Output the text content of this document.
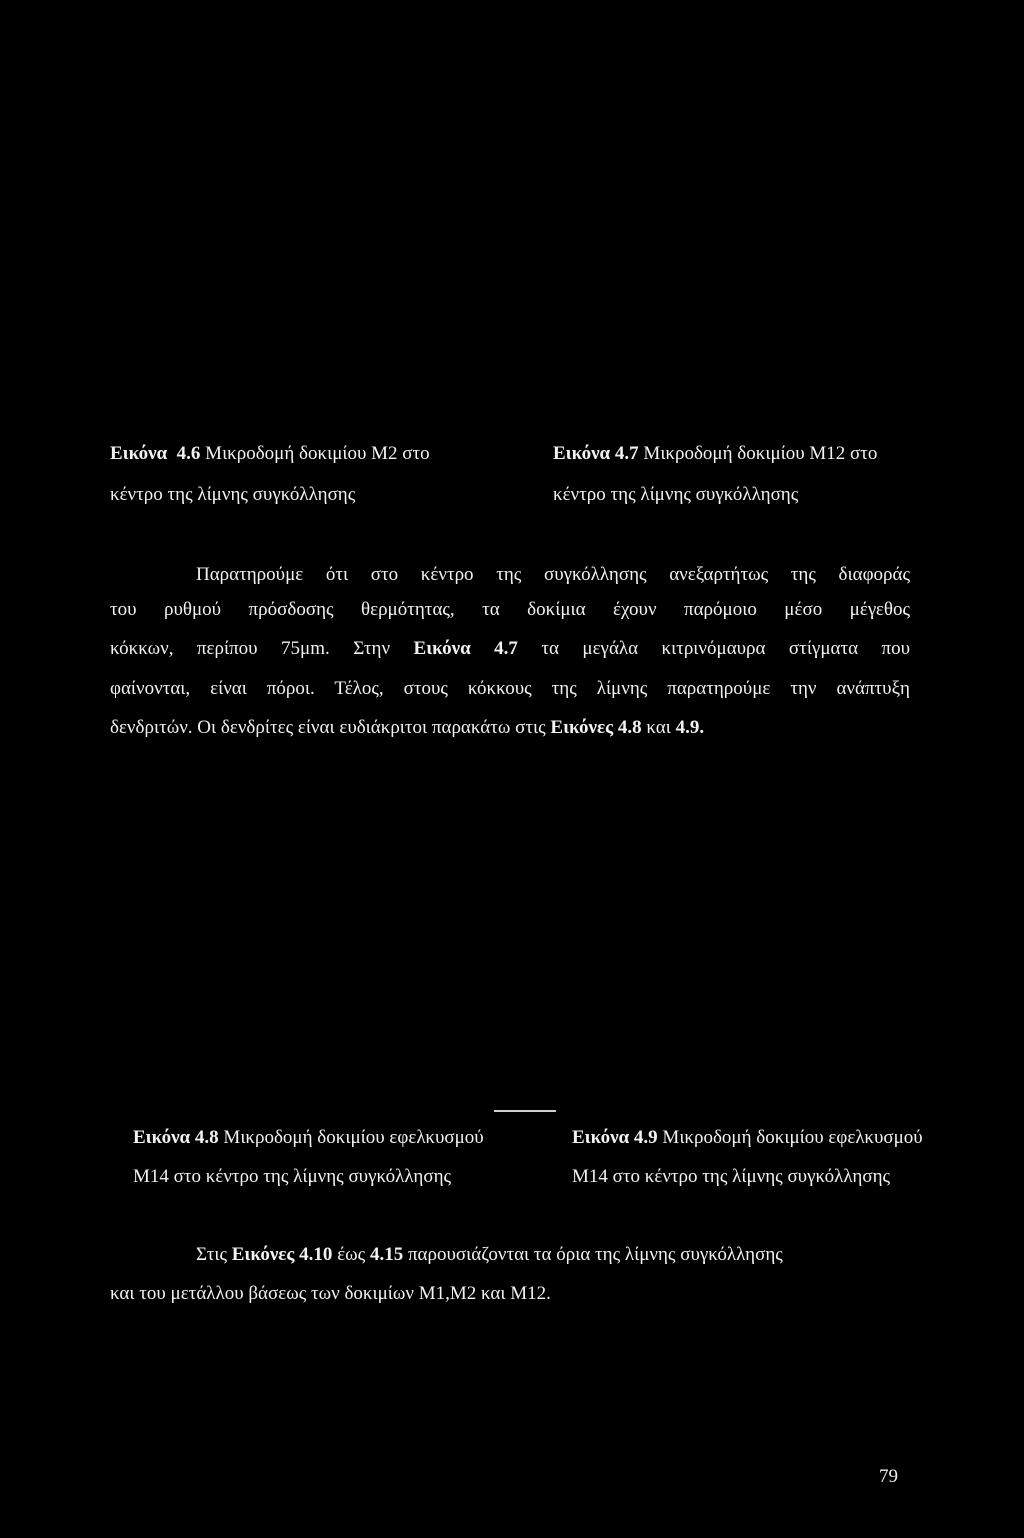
Εικόνα 4.6 Μικροδομή δοκιμίου Μ2 στο
κέντρο της λίμνης συγκόλλησης
Εικόνα 4.7 Μικροδομή δοκιμίου Μ12 στο
κέντρο της λίμνης συγκόλλησης
Παρατηρούμε ότι στο κέντρο της συγκόλλησης ανεξαρτήτως της διαφοράς
του ρυθμού πρόσδοσης θερμότητας, τα δοκίμια έχουν παρόμοιο μέσο μέγεθος
κόκκων, περίπου 75μm. Στην Εικόνα 4.7 τα μεγάλα κιτρινόμαυρα στίγματα που
φαίνονται, είναι πόροι. Τέλος, στους κόκκους της λίμνης παρατηρούμε την ανάπτυξη
δενδριτών. Οι δενδρίτες είναι ευδιάκριτοι παρακάτω στις Εικόνες 4.8 και 4.9.
Εικόνα 4.8 Μικροδομή δοκιμίου εφελκυσμού
Μ14 στο κέντρο της λίμνης συγκόλλησης
Εικόνα 4.9 Μικροδομή δοκιμίου εφελκυσμού
Μ14 στο κέντρο της λίμνης συγκόλλησης
Στις Εικόνες 4.10 έως 4.15 παρουσιάζονται τα όρια της λίμνης συγκόλλησης
και του μετάλλου βάσεως των δοκιμίων Μ1,Μ2 και Μ12.
79
